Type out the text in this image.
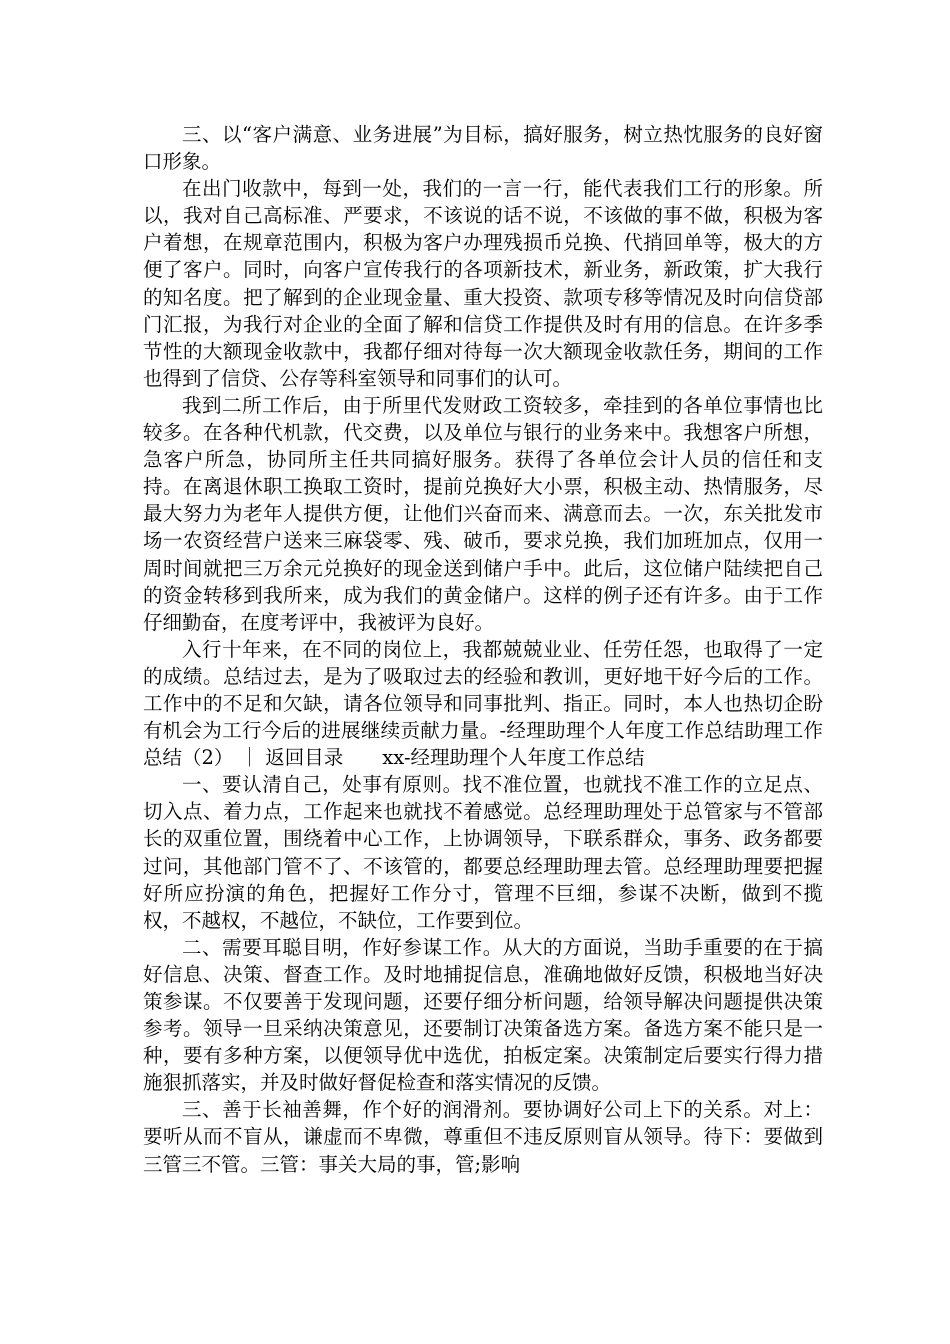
三、以“客户满意、业务进展”为目标，搞好服务，树立热忱服务的良好窗口形象。

在出门收款中，每到一处，我们的一言一行，能代表我们工行的形象。所以，我对自己高标准、严要求，不该说的话不说，不该做的事不做，积极为客户着想，在规章范围内，积极为客户办理残损币兑换、代捎回单等，极大的方便了客户。同时，向客户宣传我行的各项新技术，新业务，新政策，扩大我行的知名度。把了解到的企业现金量、重大投资、款项专移等情况及时向信贷部门汇报，为我行对企业的全面了解和信贷工作提供及时有用的信息。在许多季节性的大额现金收款中，我都仔细对待每一次大额现金收款任务，期间的工作也得到了信贷、公存等科室领导和同事们的认可。

我到二所工作后，由于所里代发财政工资较多，牵挂到的各单位事情也比较多。在各种代机款，代交费，以及单位与银行的业务来中。我想客户所想，急客户所急，协同所主任共同搞好服务。获得了各单位会计人员的信任和支持。在离退休职工换取工资时，提前兑换好大小票，积极主动、热情服务，尽最大努力为老年人提供方便，让他们兴奋而来、满意而去。一次，东关批发市场一农资经营户送来三麻袋零、残、破币，要求兑换，我们加班加点，仅用一周时间就把三万余元兑换好的现金送到储户手中。此后，这位储户陆续把自己的资金转移到我所来，成为我们的黄金储户。这样的例子还有许多。由于工作仔细勤奋，在度考评中，我被评为良好。

入行十年来，在不同的岗位上，我都兢兢业业、任劳任怨，也取得了一定的成绩。总结过去，是为了吸取过去的经验和教训，更好地干好今后的工作。工作中的不足和欠缺，请各位领导和同事批判、指正。同时，本人也热切企盼有机会为工行今后的进展继续贡献力量。-经理助理个人年度工作总结助理工作总结（2） ｜ 返回目录　　xx-经理助理个人年度工作总结

一、要认清自己，处事有原则。找不准位置，也就找不准工作的立足点、切入点、着力点，工作起来也就找不着感觉。总经理助理处于总管家与不管部长的双重位置，围绕着中心工作，上协调领导，下联系群众，事务、政务都要过问，其他部门管不了、不该管的，都要总经理助理去管。总经理助理要把握好所应扮演的角色，把握好工作分寸，管理不巨细，参谋不决断，做到不揽权，不越权，不越位，不缺位，工作要到位。

二、需要耳聪目明，作好参谋工作。从大的方面说，当助手重要的在于搞好信息、决策、督查工作。及时地捕捉信息，准确地做好反馈，积极地当好决策参谋。不仅要善于发现问题，还要仔细分析问题，给领导解决问题提供决策参考。领导一旦采纳决策意见，还要制订决策备选方案。备选方案不能只是一种，要有多种方案，以便领导优中选优，拍板定案。决策制定后要实行得力措施狠抓落实，并及时做好督促检查和落实情况的反馈。

三、善于长袖善舞，作个好的润滑剂。要协调好公司上下的关系。对上：要听从而不盲从，谦虚而不卑微，尊重但不违反原则盲从领导。待下：要做到三管三不管。三管：事关大局的事，管;影响
